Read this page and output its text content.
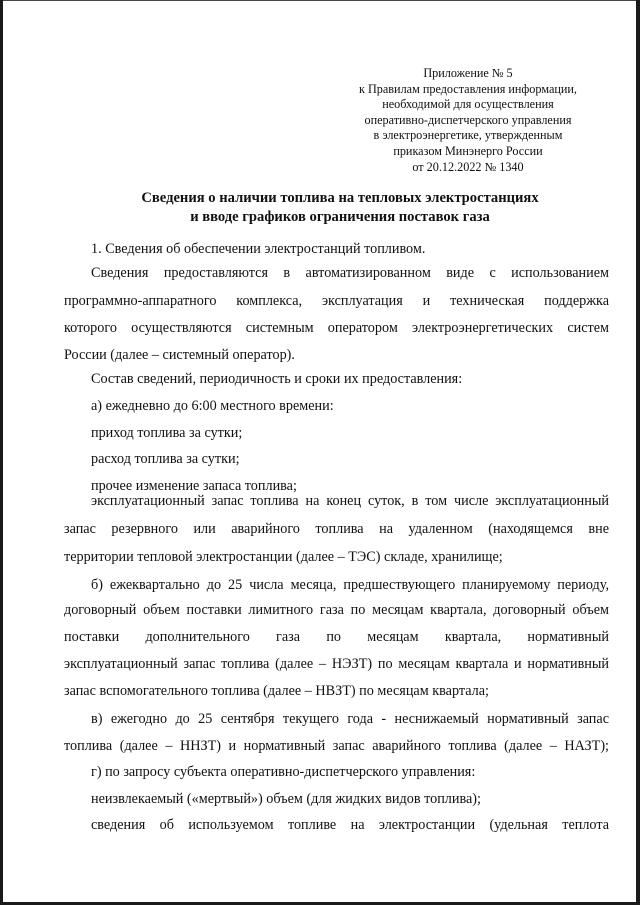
Приложение № 5
к Правилам предоставления информации,
необходимой для осуществления
оперативно-диспетчерского управления
в электроэнергетике, утвержденным
приказом Минэнерго России
от 20.12.2022 № 1340
Сведения о наличии топлива на тепловых электростанциях
и вводе графиков ограничения поставок газа
1. Сведения об обеспечении электростанций топливом.
Сведения предоставляются в автоматизированном виде с использованием
программно-аппаратного комплекса, эксплуатация и техническая поддержка
которого осуществляются системным оператором электроэнергетических систем
России (далее – системный оператор).
Состав сведений, периодичность и сроки их предоставления:
а) ежедневно до 6:00 местного времени:
приход топлива за сутки;
расход топлива за сутки;
прочее изменение запаса топлива;
эксплуатационный запас топлива на конец суток, в том числе эксплуатационный
запас резервного или аварийного топлива на удаленном (находящемся вне
территории тепловой электростанции (далее – ТЭС) складе, хранилище;
б) ежеквартально до 25 числа месяца, предшествующего планируемому периоду,
договорный объем поставки лимитного газа по месяцам квартала, договорный объем
поставки дополнительного газа по месяцам квартала, нормативный
эксплуатационный запас топлива (далее – НЭЗТ) по месяцам квартала и нормативный
запас вспомогательного топлива (далее – НВЗТ) по месяцам квартала;
в) ежегодно до 25 сентября текущего года - неснижаемый нормативный запас
топлива (далее – ННЗТ) и нормативный запас аварийного топлива (далее – НАЗТ);
г) по запросу субъекта оперативно-диспетчерского управления:
неизвлекаемый («мертвый») объем (для жидких видов топлива);
сведения об используемом топливе на электростанции (удельная теплота
